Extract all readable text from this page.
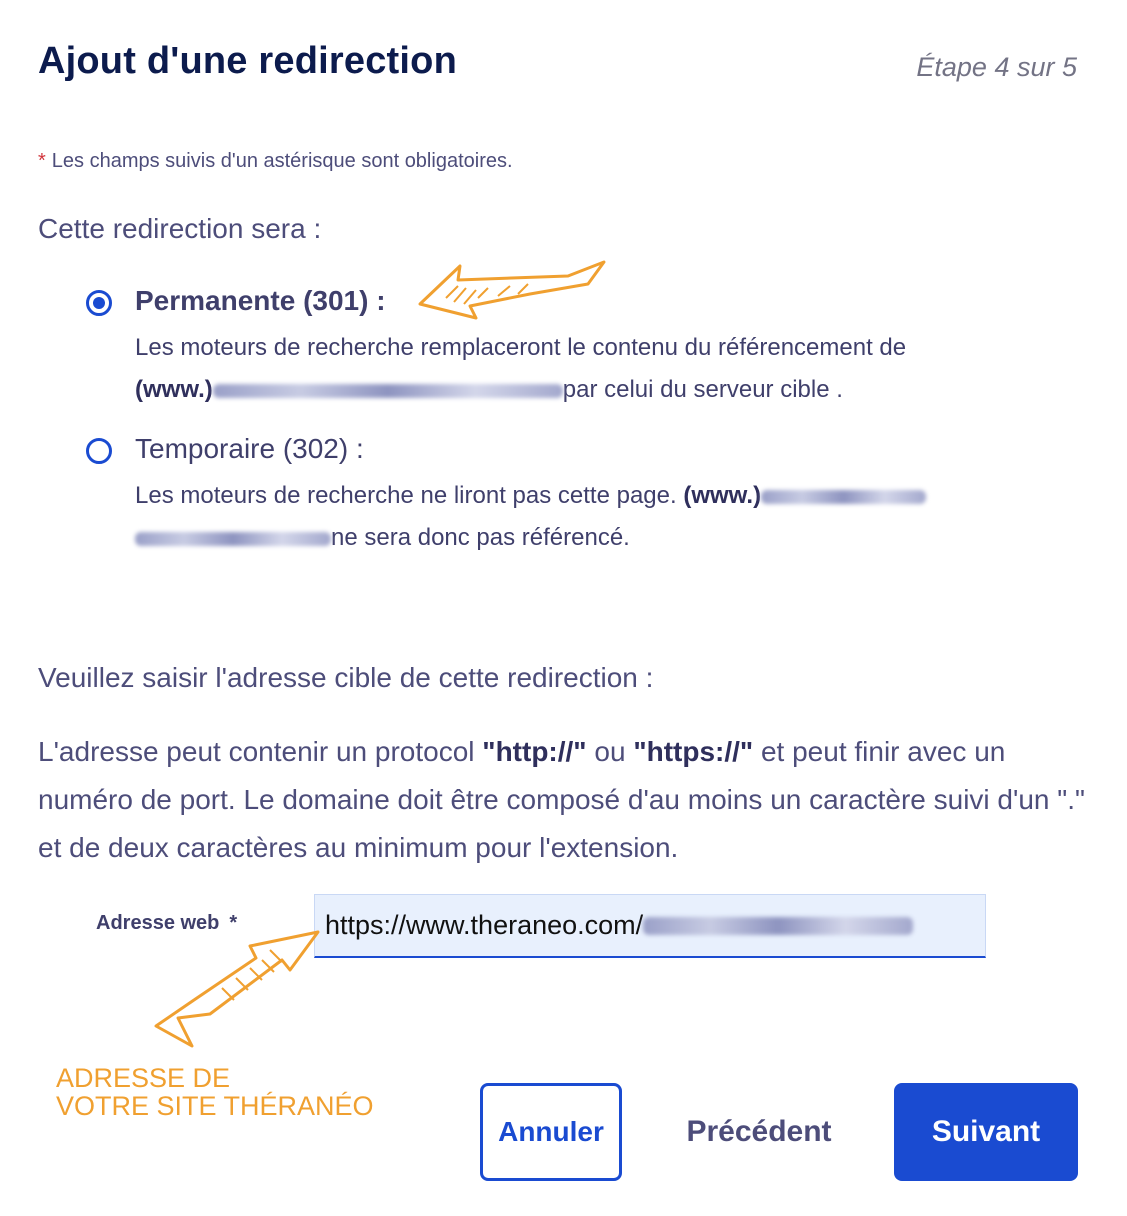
Ajout d'une redirection	Étape 4 sur 5
* Les champs suivis d'un astérisque sont obligatoires.
Cette redirection sera :
Permanente (301) :
Les moteurs de recherche remplaceront le contenu du référencement de
(www.)	par celui du serveur cible .
Temporaire (302) :
Les moteurs de recherche ne liront pas cette page. (www.)
ne sera donc pas référencé.
Veuillez saisir l'adresse cible de cette redirection :
L'adresse peut contenir un protocol "http://" ou "https://" et peut finir avec un numéro de port. Le domaine doit être composé d'au moins un caractère suivi d'un "." et de deux caractères au minimum pour l'extension.
Adresse web *	https://www.theraneo.com/
ADRESSE DE
VOTRE SITE THÉRANÉO
Annuler	Précédent	Suivant
